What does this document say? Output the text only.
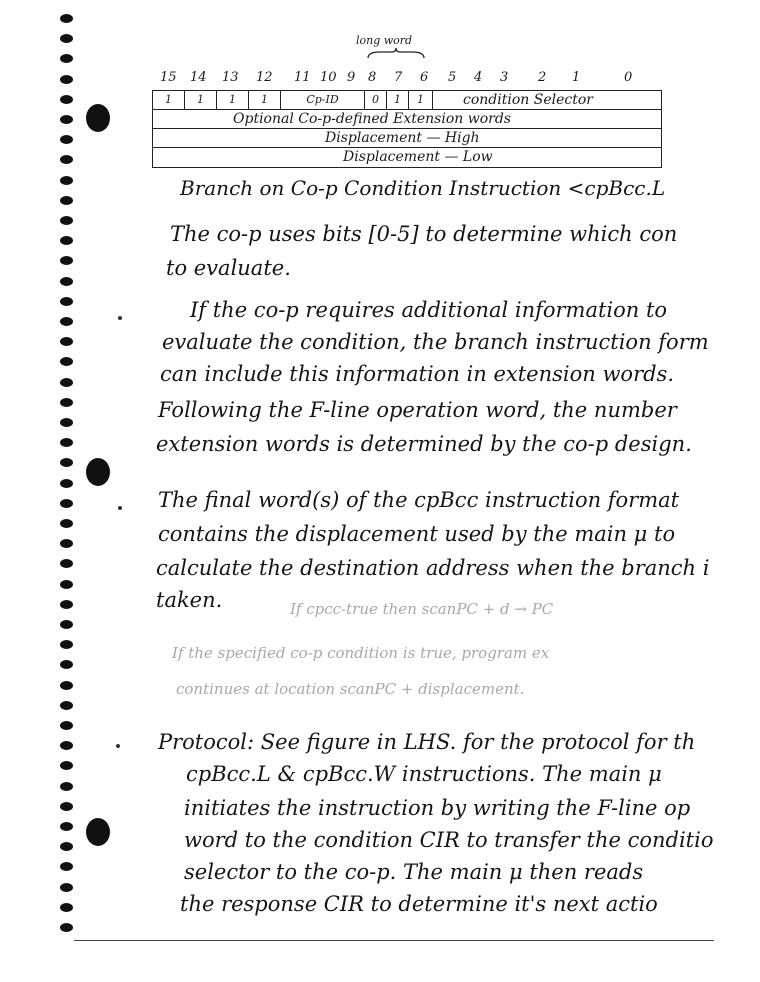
long word
15 14 13 12 11 10 9 8 7 6 5 4 3 2 1	0
1	1	1	1	Cp-ID	0	1	1	condition Selector
Optional Co-p-defined Extension words
Displacement — High
Displacement — Low
Branch on Co-p Condition Instruction <cpBcc.L
The co-p uses bits [0-5] to determine which con
to evaluate.
If the co-p requires additional information to
evaluate the condition, the branch instruction form
can include this information in extension words.
Following the F-line operation word, the number
extension words is determined by the co-p design.
The final word(s) of the cpBcc instruction format
contains the displacement used by the main μ to
calculate the destination address when the branch i
taken.	If cpcc-true then scanPC + d → PC
If the specified co-p condition is true, program ex
continues at location scanPC + displacement.
Protocol: See figure in LHS. for the protocol for th
cpBcc.L & cpBcc.W instructions. The main μ
initiates the instruction by writing the F-line op
word to the condition CIR to transfer the conditio
selector to the co-p. The main μ then reads
the response CIR to determine it's next actio
